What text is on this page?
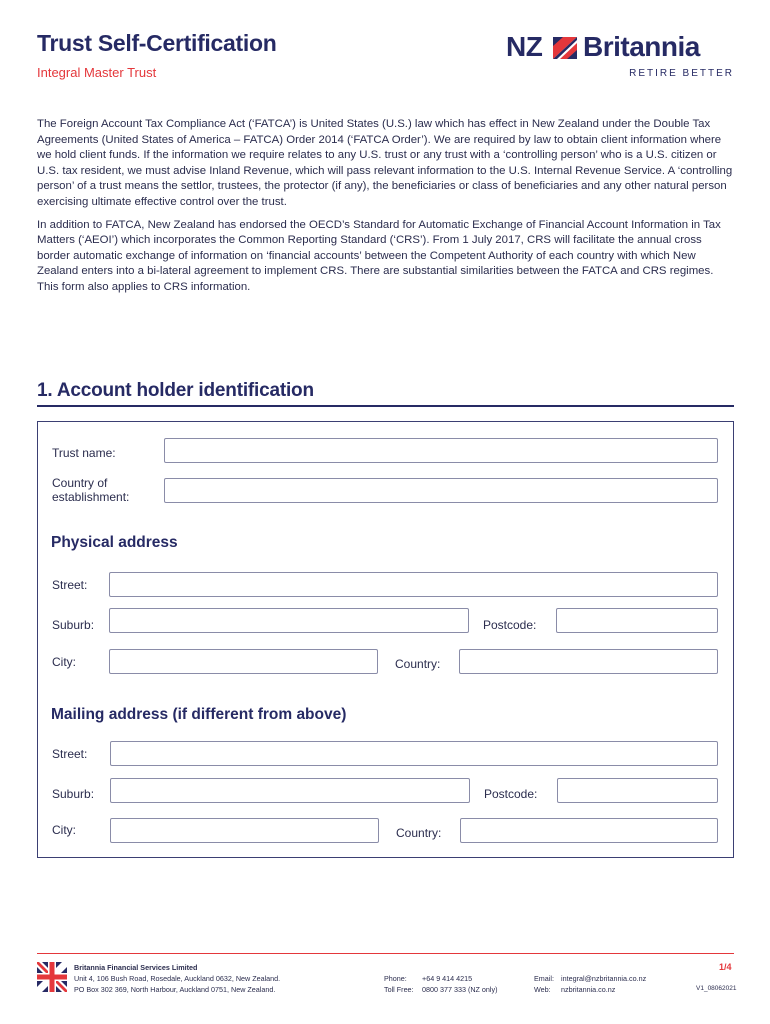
Trust Self-Certification
Integral Master Trust
NZ Britannia
RETIRE BETTER

The Foreign Account Tax Compliance Act (‘FATCA’) is United States (U.S.) law which has effect in New Zealand under the Double Tax Agreements (United States of America – FATCA) Order 2014 (‘FATCA Order’). We are required by law to obtain client information where we hold client funds. If the information we require relates to any U.S. trust or any trust with a ‘controlling person’ who is a U.S. citizen or U.S. tax resident, we must advise Inland Revenue, which will pass relevant information to the U.S. Internal Revenue Service. A ‘controlling person’ of a trust means the settlor, trustees, the protector (if any), the beneficiaries or class of beneficiaries and any other natural person exercising ultimate effective control over the trust.

In addition to FATCA, New Zealand has endorsed the OECD’s Standard for Automatic Exchange of Financial Account Information in Tax Matters (‘AEOI’) which incorporates the Common Reporting Standard (‘CRS’). From 1 July 2017, CRS will facilitate the annual cross border automatic exchange of information on ‘financial accounts’ between the Competent Authority of each country with which New Zealand enters into a bi-lateral agreement to implement CRS. There are substantial similarities between the FATCA and CRS regimes. This form also applies to CRS information.

1. Account holder identification
Trust name:
Country of
establishment:
Physical address
Street:
Suburb:	Postcode:
City:	Country:
Mailing address (if different from above)
Street:
Suburb:	Postcode:
City:	Country:
Britannia Financial Services Limited
Unit 4, 106 Bush Road, Rosedale, Auckland 0632, New Zealand.
PO Box 302 369, North Harbour, Auckland 0751, New Zealand.
Phone: +64 9 414 4215
Toll Free: 0800 377 333 (NZ only)
Email: integral@nzbritannia.co.nz
Web: nzbritannia.co.nz
1/4
V1_08062021
